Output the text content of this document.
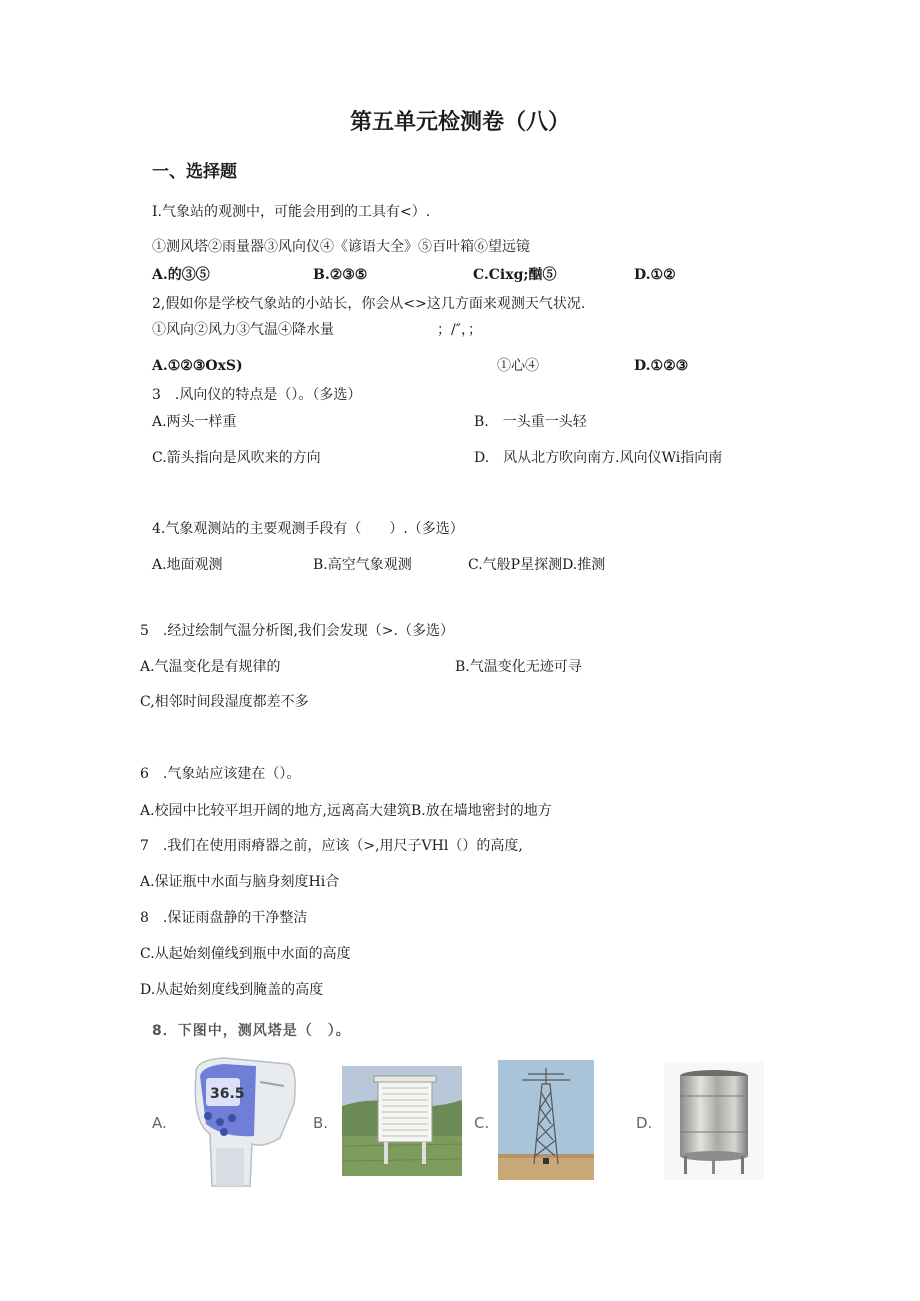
第五单元检测卷（八）
一、选择题
I.气象站的观测中，可能会用到的工具有<）.
①测风塔②雨量器③风向仪④《谚语大全》⑤百叶箱⑥望远镜
A.的③⑤	B.②③⑤	C.Cixg;酗⑤	D.①②
2,假如你是学校气象站的小站长，你会从<>这几方面来观测天气状况.
①风向②风力③气温④降水量	；/″，；
A.①②③OxS)	①心④	D.①②③
3　.风向仪的特点是（）。（多选）
A.两头一样重	B.　一头重一头轻
C.箭头指向是风吹来的方向	D.　风从北方吹向南方.风向仪Wi指向南
4.气象观测站的主要观测手段有（　　）.（多选）
A.地面观测	B.高空气象观测	C.气般P星探测D.推测
5　.经过绘制气温分析图,我们会发现（>.（多选）
A.气温变化是有规律的	B.气温变化无迹可寻
C,相邻时间段湿度都差不多
6　.气象站应该建在（）。
A.校园中比较平坦开阔的地方,远离高大建筑B.放在墙地密封的地方
7　.我们在使用雨瘠器之前，应该（>,用尺子VHl（）的高度,
A.保证瓶中水面与脑身刻度Hi合
8　.保证雨盘静的干净整洁
C.从起始刻僮线到瓶中水面的高度
D.从起始刻度线到腌盖的高度
8．下图中，测风塔是（　）。
A.
36.5
B.	C.	D.
